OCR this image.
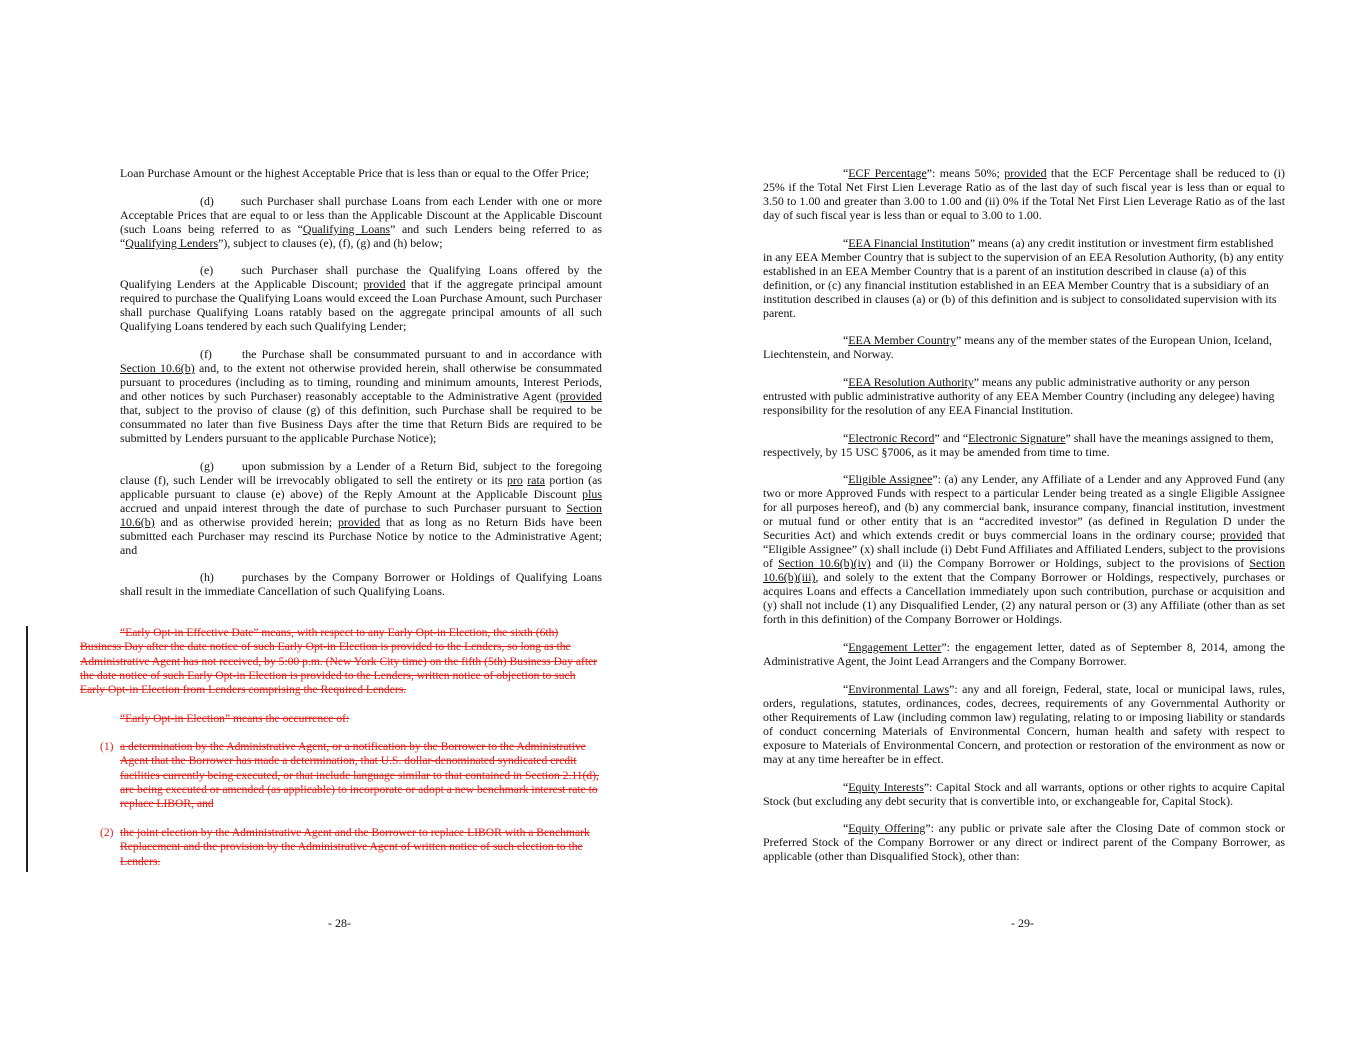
Loan Purchase Amount or the highest Acceptable Price that is less than or equal to the Offer Price;

(d) such Purchaser shall purchase Loans from each Lender with one or more Acceptable Prices that are equal to or less than the Applicable Discount at the Applicable Discount (such Loans being referred to as “Qualifying Loans” and such Lenders being referred to as “Qualifying Lenders”), subject to clauses (e), (f), (g) and (h) below;

(e) such Purchaser shall purchase the Qualifying Loans offered by the Qualifying Lenders at the Applicable Discount; provided that if the aggregate principal amount required to purchase the Qualifying Loans would exceed the Loan Purchase Amount, such Purchaser shall purchase Qualifying Loans ratably based on the aggregate principal amounts of all such Qualifying Loans tendered by each such Qualifying Lender;

(f)	the Purchase shall be consummated pursuant to and in accordance with Section 10.6(b) and, to the extent not otherwise provided herein, shall otherwise be consummated pursuant to procedures (including as to timing, rounding and minimum amounts, Interest Periods, and other notices by such Purchaser) reasonably acceptable to the Administrative Agent (provided that, subject to the proviso of clause (g) of this definition, such Purchase shall be required to be consummated no later than five Business Days after the time that Return Bids are required to be submitted by Lenders pursuant to the applicable Purchase Notice);

(g) upon submission by a Lender of a Return Bid, subject to the foregoing clause (f), such Lender will be irrevocably obligated to sell the entirety or its pro rata portion (as applicable pursuant to clause (e) above) of the Reply Amount at the Applicable Discount plus accrued and unpaid interest through the date of purchase to such Purchaser pursuant to Section 10.6(b) and as otherwise provided herein; provided that as long as no Return Bids have been submitted each Purchaser may rescind its Purchase Notice by notice to the Administrative Agent; and

(h) purchases by the Company Borrower or Holdings of Qualifying Loans shall result in the immediate Cancellation of such Qualifying Loans.

“Early Opt-in Effective Date” means, with respect to any Early Opt-in Election, the sixth (6th) Business Day after the date notice of such Early Opt-in Election is provided to the Lenders, so long as the Administrative Agent has not received, by 5:00 p.m. (New York City time) on the fifth (5th) Business Day after the date notice of such Early Opt-in Election is provided to the Lenders, written notice of objection to such Early Opt-in Election from Lenders comprising the Required Lenders.
“Early Opt-in Election” means the occurrence of:
(1) a determination by the Administrative Agent, or a notification by the Borrower to the Administrative Agent that the Borrower has made a determination, that U.S. dollar-denominated syndicated credit facilities currently being executed, or that include language similar to that contained in Section 2.11(d), are being executed or amended (as applicable) to incorporate or adopt a new benchmark interest rate to replace LIBOR, and
(2) the joint election by the Administrative Agent and the Borrower to replace LIBOR with a Benchmark Replacement and the provision by the Administrative Agent of written notice of such election to the Lenders.
- 28-

“ECF Percentage”: means 50%; provided that the ECF Percentage shall be reduced to (i) 25% if the Total Net First Lien Leverage Ratio as of the last day of such fiscal year is less than or equal to 3.50 to 1.00 and greater than 3.00 to 1.00 and (ii) 0% if the Total Net First Lien Leverage Ratio as of the last day of such fiscal year is less than or equal to 3.00 to 1.00.

“EEA Financial Institution” means (a) any credit institution or investment firm established in any EEA Member Country that is subject to the supervision of an EEA Resolution Authority, (b) any entity established in an EEA Member Country that is a parent of an institution described in clause (a) of this definition, or (c) any financial institution established in an EEA Member Country that is a subsidiary of an institution described in clauses (a) or (b) of this definition and is subject to consolidated supervision with its parent.

“EEA Member Country” means any of the member states of the European Union, Iceland, Liechtenstein, and Norway.

“EEA Resolution Authority” means any public administrative authority or any person entrusted with public administrative authority of any EEA Member Country (including any delegee) having responsibility for the resolution of any EEA Financial Institution.

“Electronic Record” and “Electronic Signature” shall have the meanings assigned to them, respectively, by 15 USC §7006, as it may be amended from time to time.

“Eligible Assignee”: (a) any Lender, any Affiliate of a Lender and any Approved Fund (any two or more Approved Funds with respect to a particular Lender being treated as a single Eligible Assignee for all purposes hereof), and (b) any commercial bank, insurance company, financial institution, investment or mutual fund or other entity that is an “accredited investor” (as defined in Regulation D under the Securities Act) and which extends credit or buys commercial loans in the ordinary course; provided that “Eligible Assignee” (x) shall include (i) Debt Fund Affiliates and Affiliated Lenders, subject to the provisions of Section 10.6(b)(iv) and (ii) the Company Borrower or Holdings, subject to the provisions of Section 10.6(b)(iii), and solely to the extent that the Company Borrower or Holdings, respectively, purchases or acquires Loans and effects a Cancellation immediately upon such contribution, purchase or acquisition and (y) shall not include (1) any Disqualified Lender, (2) any natural person or (3) any Affiliate (other than as set forth in this definition) of the Company Borrower or Holdings.

“Engagement Letter”: the engagement letter, dated as of September 8, 2014, among the Administrative Agent, the Joint Lead Arrangers and the Company Borrower.

“Environmental Laws”: any and all foreign, Federal, state, local or municipal laws, rules, orders, regulations, statutes, ordinances, codes, decrees, requirements of any Governmental Authority or other Requirements of Law (including common law) regulating, relating to or imposing liability or standards of conduct concerning Materials of Environmental Concern, human health and safety with respect to exposure to Materials of Environmental Concern, and protection or restoration of the environment as now or may at any time hereafter be in effect.

“Equity Interests”: Capital Stock and all warrants, options or other rights to acquire Capital Stock (but excluding any debt security that is convertible into, or exchangeable for, Capital Stock).

“Equity Offering”: any public or private sale after the Closing Date of common stock or Preferred Stock of the Company Borrower or any direct or indirect parent of the Company Borrower, as applicable (other than Disqualified Stock), other than:

- 29-
